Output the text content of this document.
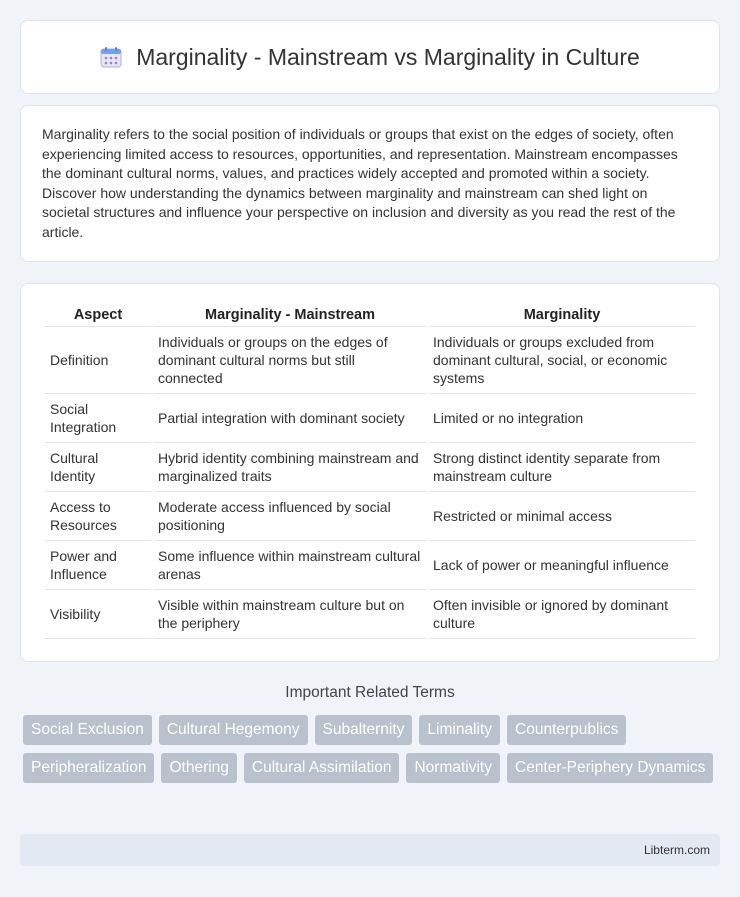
Marginality - Mainstream vs Marginality in Culture

Marginality refers to the social position of individuals or groups that exist on the edges of society, often experiencing limited access to resources, opportunities, and representation. Mainstream encompasses the dominant cultural norms, values, and practices widely accepted and promoted within a society. Discover how understanding the dynamics between marginality and mainstream can shed light on societal structures and influence your perspective on inclusion and diversity as you read the rest of the article.

Aspect	Marginality - Mainstream	Marginality
Definition	Individuals or groups on the edges of dominant cultural norms but still connected	Individuals or groups excluded from dominant cultural, social, or economic systems
Social Integration	Partial integration with dominant society	Limited or no integration
Cultural Identity	Hybrid identity combining mainstream and marginalized traits	Strong distinct identity separate from mainstream culture
Access to Resources	Moderate access influenced by social positioning	Restricted or minimal access
Power and Influence	Some influence within mainstream cultural arenas	Lack of power or meaningful influence
Visibility	Visible within mainstream culture but on the periphery	Often invisible or ignored by dominant culture
Important Related Terms
Social Exclusion	Cultural Hegemony	Subalternity	Liminality	Counterpublics
Peripheralization	Othering	Cultural Assimilation	Normativity	Center-Periphery Dynamics
Libterm.com
